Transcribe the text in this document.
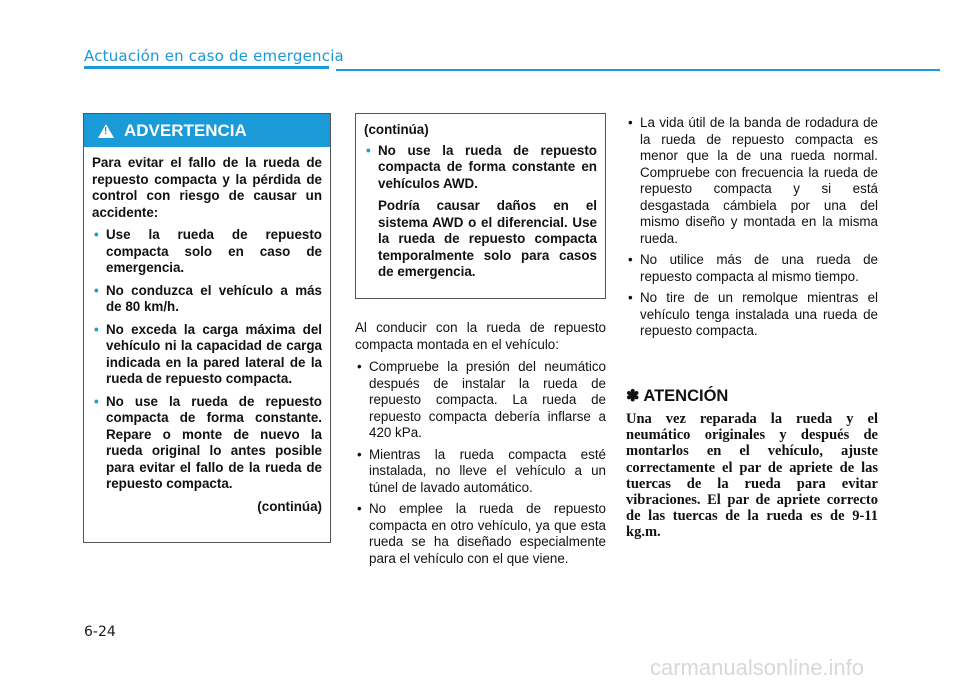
Actuación en caso de emergencia
!
ADVERTENCIA
Para evitar el fallo de la rueda de repuesto compacta y la pérdida de control con riesgo de causar un accidente:
• Use la rueda de repuesto compacta solo en caso de emergencia.
• No conduzca el vehículo a más de 80 km/h.
• No exceda la carga máxima del vehículo ni la capacidad de carga indicada en la pared lateral de la rueda de repuesto compacta.
• No use la rueda de repuesto compacta de forma constante. Repare o monte de nuevo la rueda original lo antes posible para evitar el fallo de la rueda de repuesto compacta.
(continúa)
(continúa)
• No use la rueda de repuesto compacta de forma constante en vehículos AWD.
Podría causar daños en el sistema AWD o el diferencial. Use la rueda de repuesto compacta temporalmente solo para casos de emergencia.
Al conducir con la rueda de repuesto compacta montada en el vehículo:
• Compruebe la presión del neumático después de instalar la rueda de repuesto compacta. La rueda de repuesto compacta debería inflarse a 420 kPa.
• Mientras la rueda compacta esté instalada, no lleve el vehículo a un túnel de lavado automático.
• No emplee la rueda de repuesto compacta en otro vehículo, ya que esta rueda se ha diseñado especialmente para el vehículo con el que viene.
• La vida útil de la banda de rodadura de la rueda de repuesto compacta es menor que la de una rueda normal. Compruebe con frecuencia la rueda de repuesto compacta y si está desgastada cámbiela por una del mismo diseño y montada en la misma rueda.
• No utilice más de una rueda de repuesto compacta al mismo tiempo.
• No tire de un remolque mientras el vehículo tenga instalada una rueda de repuesto compacta.
✽ ATENCIÓN
Una vez reparada la rueda y el neumático originales y después de montarlos en el vehículo, ajuste correctamente el par de apriete de las tuercas de la rueda para evitar vibraciones. El par de apriete correcto de las tuercas de la rueda es de 9-11 kg.m.
6-24
carmanualsonline.info
